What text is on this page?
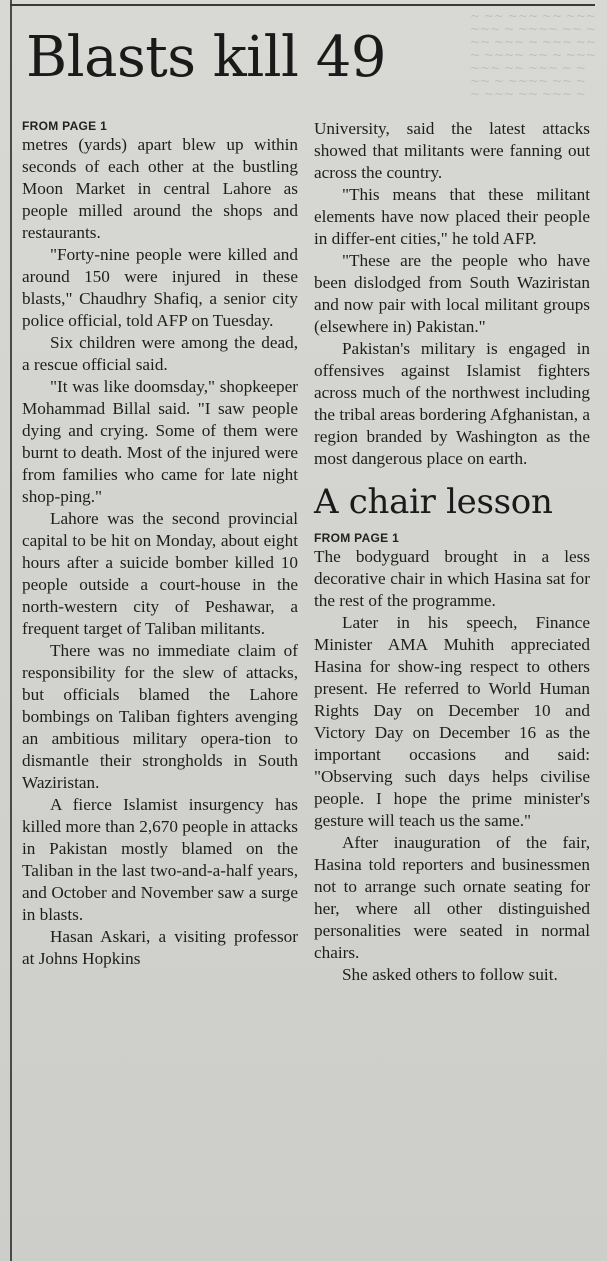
~ ~~ ~~~ ~~ ~~~
~~~ ~ ~~~~ ~~ ~
~~ ~~~ ~ ~~~ ~~
~ ~~~~ ~~ ~ ~~~
~~~ ~~ ~~~ ~ ~
~~ ~ ~~~~ ~~ ~
~ ~~~ ~~ ~~~ ~
Blasts kill 49
FROM PAGE 1

metres (yards) apart blew up within seconds of each other at the bustling Moon Market in central Lahore as people milled around the shops and restaurants.

"Forty-nine people were killed and around 150 were injured in these blasts," Chaudhry Shafiq, a senior city police official, told AFP on Tuesday.

Six children were among the dead, a rescue official said.

"It was like doomsday," shopkeeper Mohammad Billal said. "I saw people dying and crying. Some of them were burnt to death. Most of the injured were from families who came for late night shop-ping."

Lahore was the second provincial capital to be hit on Monday, about eight hours after a suicide bomber killed 10 people outside a court-house in the north-western city of Peshawar, a frequent target of Taliban militants.

There was no immediate claim of responsibility for the slew of attacks, but officials blamed the Lahore bombings on Taliban fighters avenging an ambitious military opera-tion to dismantle their strongholds in South Waziristan.

A fierce Islamist insurgency has killed more than 2,670 people in attacks in Pakistan mostly blamed on the Taliban in the last two-and-a-half years, and October and November saw a surge in blasts.

Hasan Askari, a visiting professor at Johns Hopkins

University, said the latest attacks showed that militants were fanning out across the country.

"This means that these militant elements have now placed their people in differ-ent cities," he told AFP.

"These are the people who have been dislodged from South Waziristan and now pair with local militant groups (elsewhere in) Pakistan."

Pakistan's military is engaged in offensives against Islamist fighters across much of the northwest including the tribal areas bordering Afghanistan, a region branded by Washington as the most dangerous place on earth.

A chair lesson
FROM PAGE 1

The bodyguard brought in a less decorative chair in which Hasina sat for the rest of the programme.

Later in his speech, Finance Minister AMA Muhith appreciated Hasina for show-ing respect to others present. He referred to World Human Rights Day on December 10 and Victory Day on December 16 as the important occasions and said: "Observing such days helps civilise people. I hope the prime minister's gesture will teach us the same."

After inauguration of the fair, Hasina told reporters and businessmen not to arrange such ornate seating for her, where all other distinguished personalities were seated in normal chairs.

She asked others to follow suit.
